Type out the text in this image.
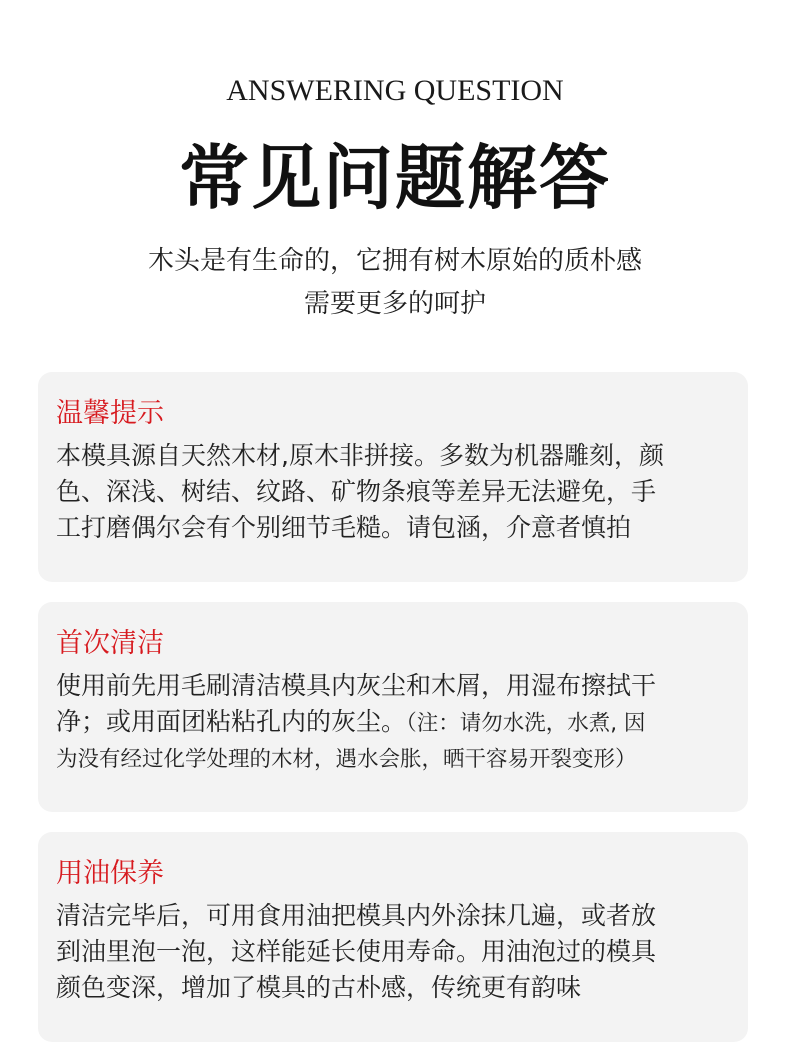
ANSWERING QUESTION
常见问题解答
木头是有生命的，它拥有树木原始的质朴感
需要更多的呵护
温馨提示
本模具源自天然木材,原木非拼接。多数为机器雕刻，颜
色、深浅、树结、纹路、矿物条痕等差异无法避免，手
工打磨偶尔会有个别细节毛糙。请包涵，介意者慎拍
首次清洁
使用前先用毛刷清洁模具内灰尘和木屑，用湿布擦拭干
净；或用面团粘粘孔内的灰尘。（注：请勿水洗，水煮, 因
为没有经过化学处理的木材，遇水会胀，晒干容易开裂变形）
用油保养
清洁完毕后，可用食用油把模具内外涂抹几遍，或者放
到油里泡一泡，这样能延长使用寿命。用油泡过的模具
颜色变深，增加了模具的古朴感，传统更有韵味
